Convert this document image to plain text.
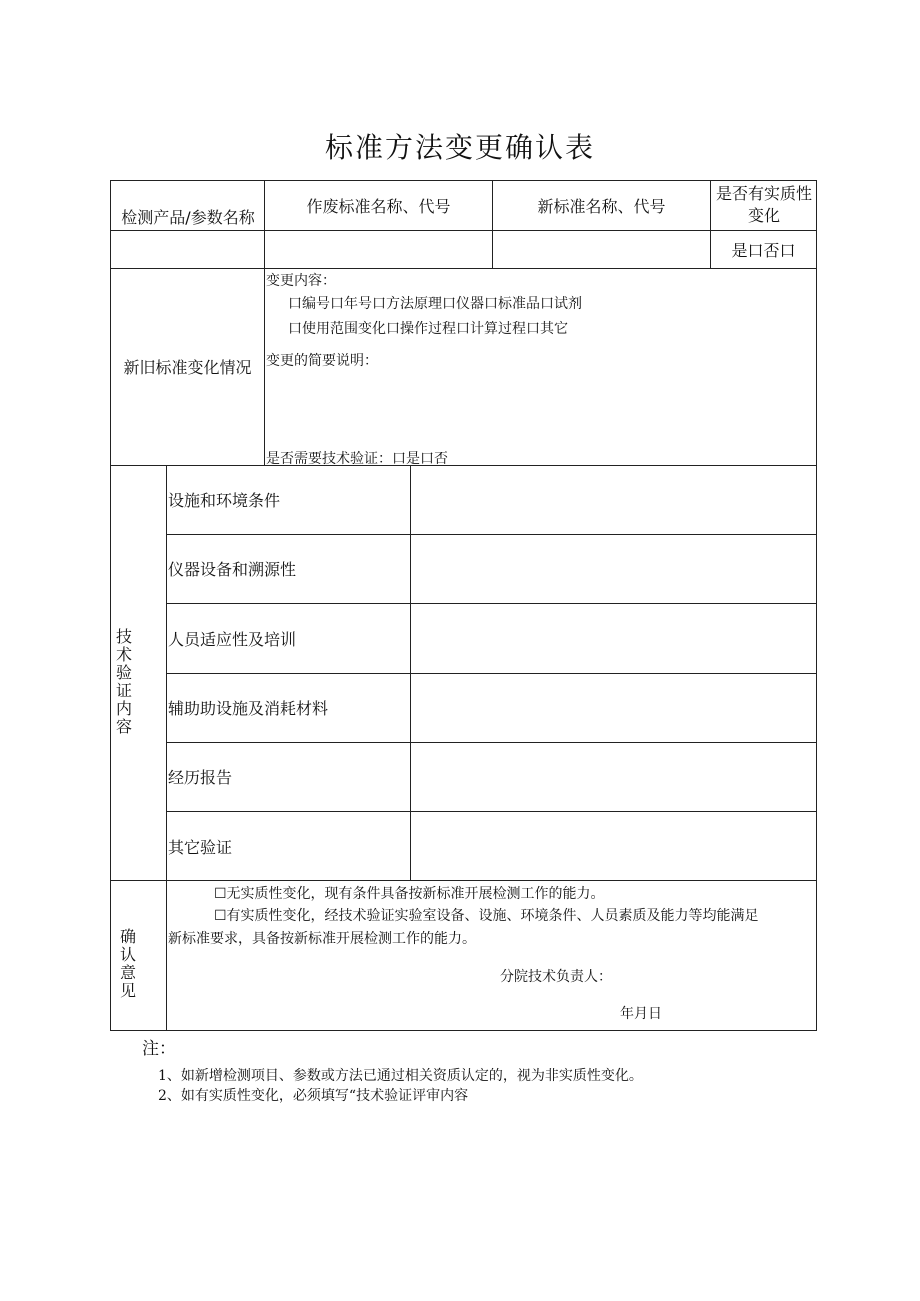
标准方法变更确认表
检测产品/参数名称
作废标准名称、代号	新标准名称、代号
是否有实质性变化
是口否口
新旧标准变化情况
变更内容：
口编号口年号口方法原理口仪器口标准品口试剂
口使用范围变化口操作过程口计算过程口其它
变更的简要说明：
是否需要技术验证：口是口否
技术验证内容
设施和环境条件
仪器设备和溯源性
人员适应性及培训
辅助助设施及消耗材料
经历报告
其它验证
确认意见
☐无实质性变化，现有条件具备按新标准开展检测工作的能力。
☐有实质性变化，经技术验证实验室设备、设施、环境条件、人员素质及能力等均能满足
新标准要求，具备按新标准开展检测工作的能力。
分院技术负责人：
年月日
注：
1、如新增检测项目、参数或方法已通过相关资质认定的，视为非实质性变化。
2、如有实质性变化，必须填写“技术验证评审内容
